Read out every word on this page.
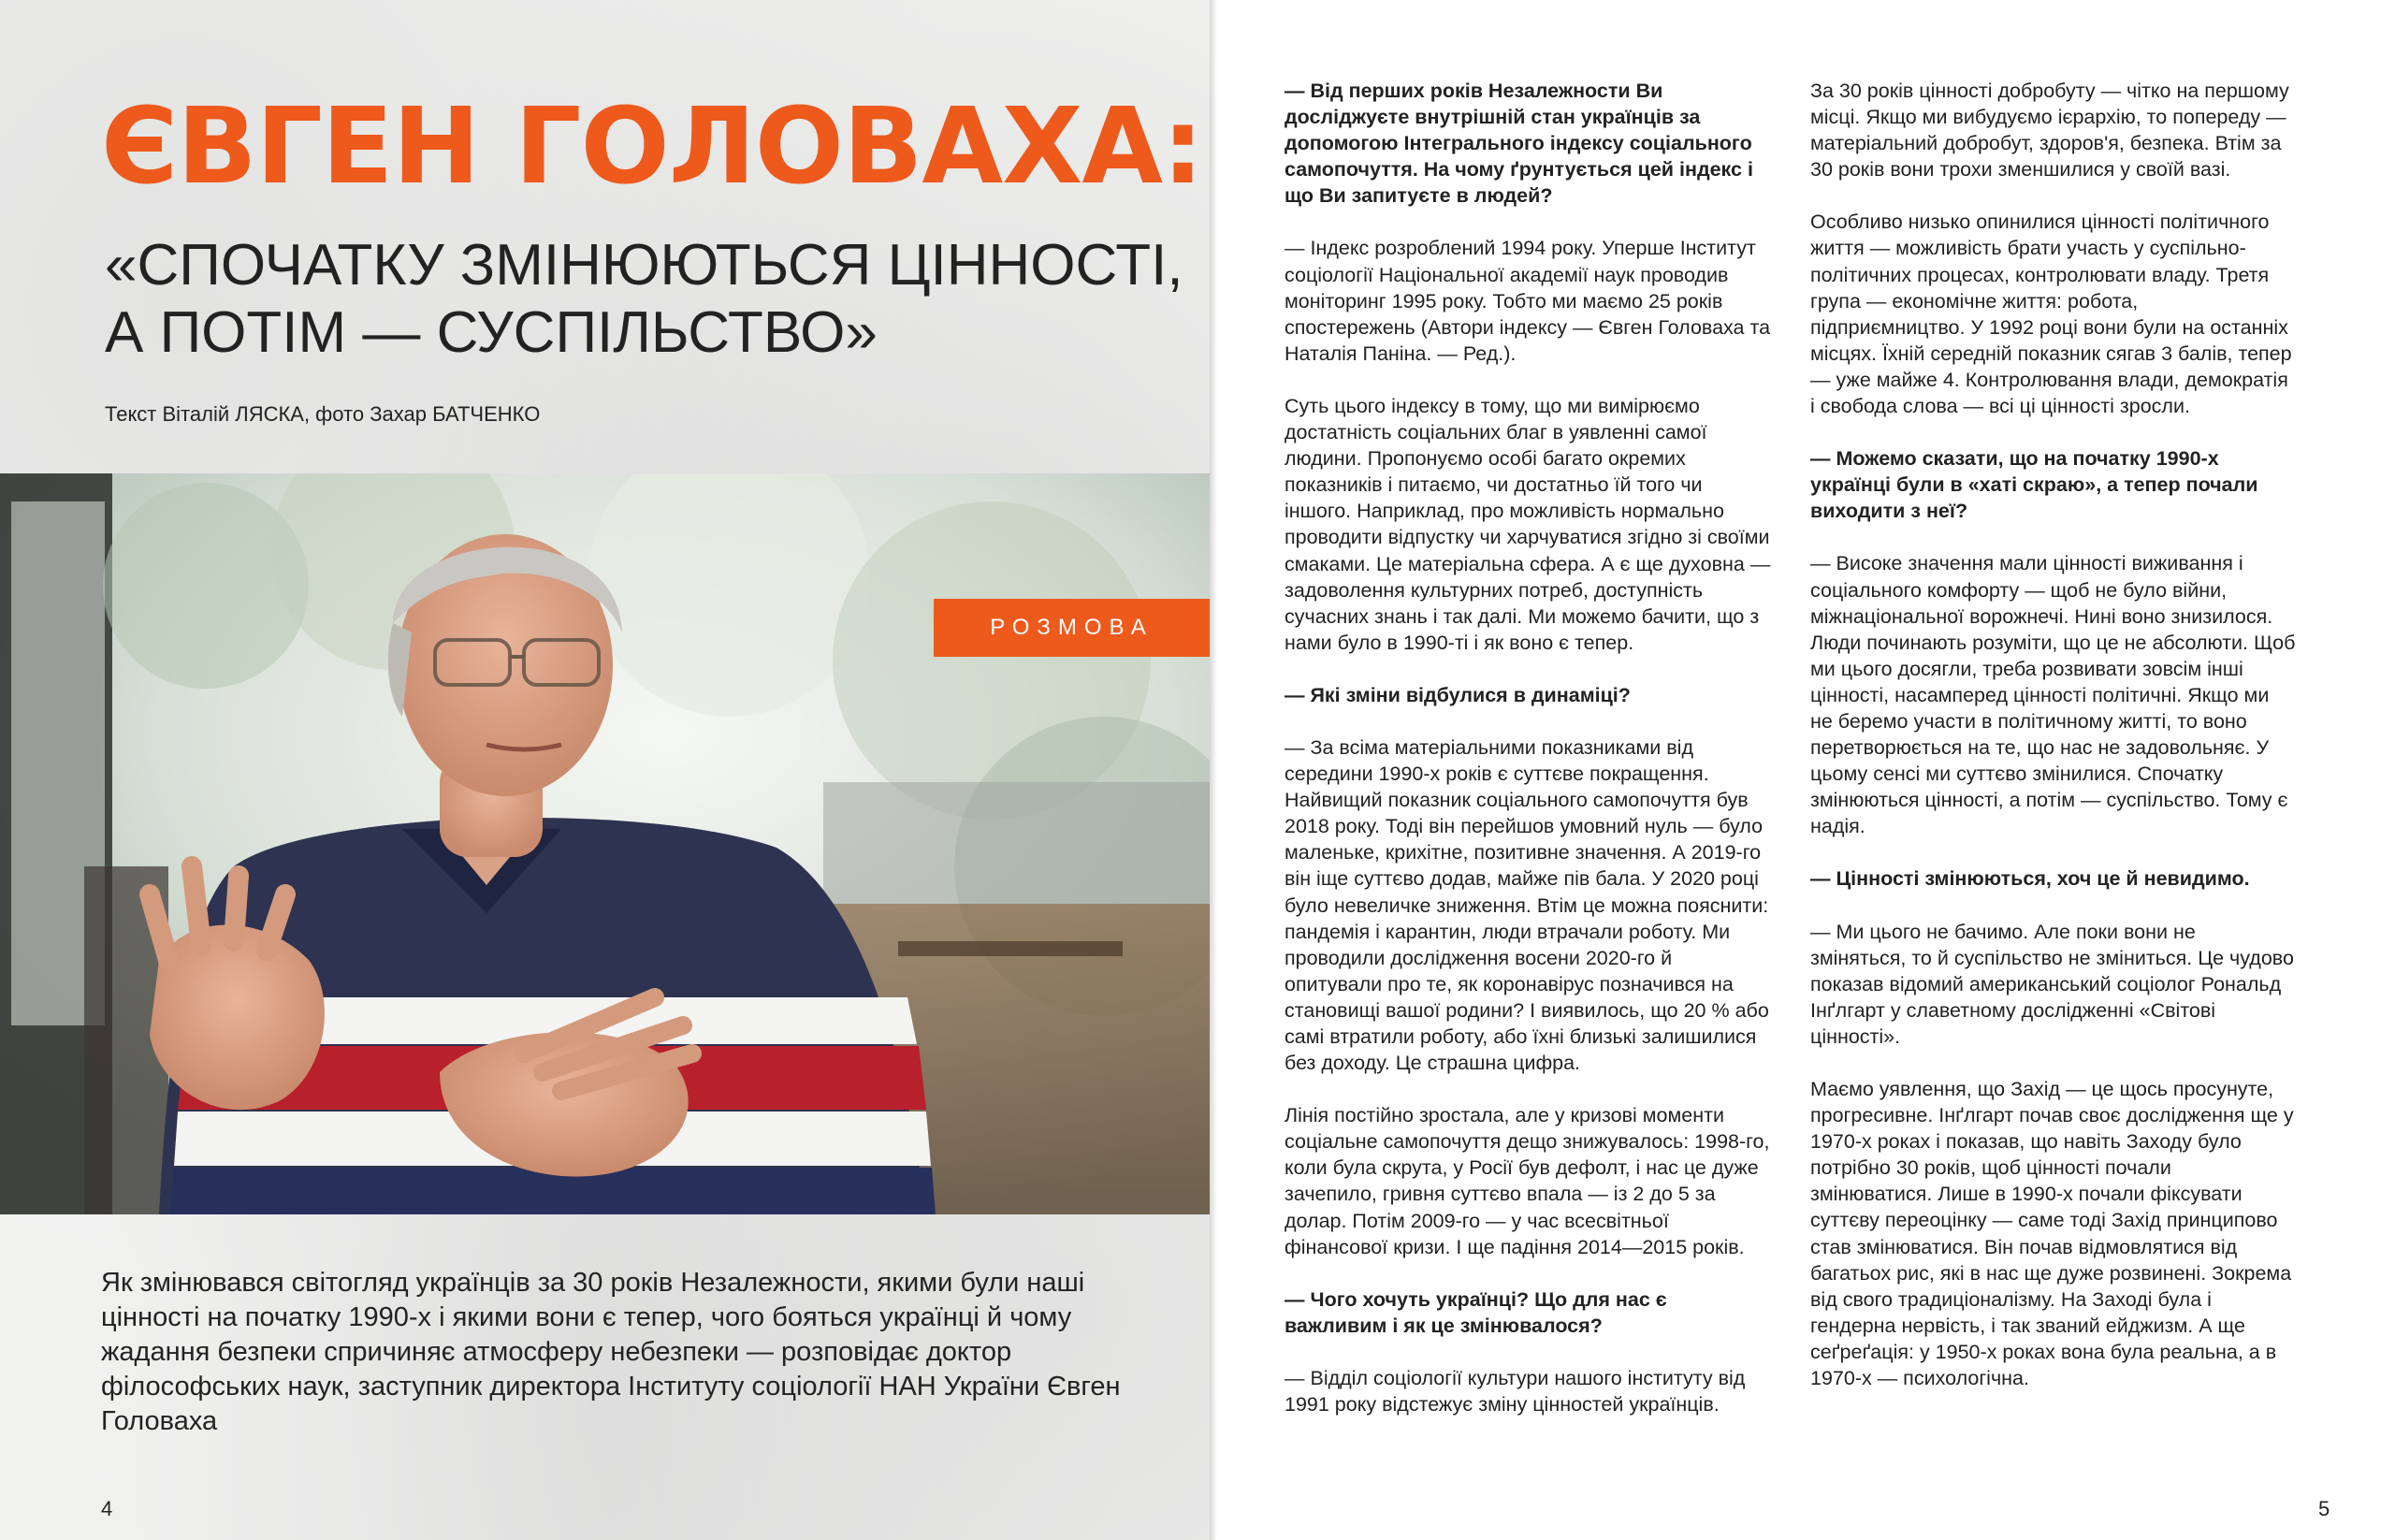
ЄВГЕН ГОЛОВАХА:
«СПОЧАТКУ ЗМІНЮЮТЬСЯ ЦІННОСТІ,
А ПОТІМ — СУСПІЛЬСТВО»
Текст Віталій ЛЯСКА, фото Захар БАТЧЕНКО
РОЗМОВА
Як змінювався світогляд українців за 30 років Незалежности, якими були наші цінності на початку 1990-х і якими вони є тепер, чого бояться українці й чому жадання безпеки спричиняє атмосферу небезпеки — розповідає доктор філософських наук, заступник директора Інституту соціології НАН України Євген Головаха
4

— Від перших років Незалежности Ви досліджуєте внутрішній стан українців за допомогою Інтегрального індексу соціального самопочуття. На чому ґрунтується цей індекс і що Ви запитуєте в людей?

— Індекс розроблений 1994 року. Уперше Інститут соціології Національної академії наук проводив моніторинг 1995 року. Тобто ми маємо 25 років спостережень (Автори індексу — Євген Головаха та Наталія Паніна. — Ред.).

Суть цього індексу в тому, що ми вимірюємо достатність соціальних благ в уявленні самої людини. Пропонуємо особі багато окремих показників і питаємо, чи достатньо їй того чи іншого. Наприклад, про можливість нормально проводити відпустку чи харчуватися згідно зі своїми смаками. Це матеріальна сфера. А є ще духовна — задоволення культурних потреб, доступність сучасних знань і так далі. Ми можемо бачити, що з нами було в 1990-ті і як воно є тепер.

— Які зміни відбулися в динаміці?

— За всіма матеріальними показниками від середини 1990-х років є суттєве покращення. Найвищий показник соціального самопочуття був 2018 року. Тоді він перейшов умовний нуль — було маленьке, крихітне, позитивне значення. А 2019-го він іще суттєво додав, майже пів бала. У 2020 році було невеличке зниження. Втім це можна пояснити: пандемія і карантин, люди втрачали роботу. Ми проводили дослідження восени 2020-го й опитували про те, як коронавірус позначився на становищі вашої родини? І виявилось, що 20 % або самі втратили роботу, або їхні близькі залишилися без доходу. Це страшна цифра.

Лінія постійно зростала, але у кризові моменти соціальне самопочуття дещо знижувалось: 1998-го, коли була скрута, у Росії був дефолт, і нас це дуже зачепило, гривня суттєво впала — із 2 до 5 за долар. Потім 2009-го — у час всесвітньої фінансової кризи. І ще падіння 2014—2015 років.

— Чого хочуть українці? Що для нас є важливим і як це змінювалося?

— Відділ соціології культури нашого інституту від 1991 року відстежує зміну цінностей українців.

За 30 років цінності добробуту — чітко на першому місці. Якщо ми вибудуємо ієрархію, то попереду — матеріальний добробут, здоров'я, безпека. Втім за 30 років вони трохи зменшилися у своїй вазі.

Особливо низько опинилися цінності політичного життя — можливість брати участь у суспільно-політичних процесах, контролювати владу. Третя група — економічне життя: робота, підприємництво. У 1992 році вони були на останніх місцях. Їхній середній показник сягав 3 балів, тепер — уже майже 4. Контролювання влади, демократія і свобода слова — всі ці цінності зросли.

— Можемо сказати, що на початку 1990-х українці були в «хаті скраю», а тепер почали виходити з неї?

— Високе значення мали цінності виживання і соціального комфорту — щоб не було війни, міжнаціональної ворожнечі. Нині воно знизилося. Люди починають розуміти, що це не абсолюти. Щоб ми цього досягли, треба розвивати зовсім інші цінності, насамперед цінності політичні. Якщо ми не беремо участи в політичному житті, то воно перетворюється на те, що нас не задовольняє. У цьому сенсі ми суттєво змінилися. Спочатку змінюються цінності, а потім — суспільство. Тому є надія.

— Цінності змінюються, хоч це й невидимо.

— Ми цього не бачимо. Але поки вони не зміняться, то й суспільство не зміниться. Це чудово показав відомий американський соціолог Рональд Інґлгарт у славетному дослідженні «Світові цінності».

Маємо уявлення, що Захід — це щось просунуте, прогресивне. Інґлгарт почав своє дослідження ще у 1970-х роках і показав, що навіть Заходу було потрібно 30 років, щоб цінності почали змінюватися. Лише в 1990-х почали фіксувати суттєву переоцінку — саме тоді Захід принципово став змінюватися. Він почав відмовлятися від багатьох рис, які в нас ще дуже розвинені. Зокрема від свого традиціоналізму. На Заході була і гендерна нервість, і так званий ейджизм. А ще сеґреґація: у 1950-х роках вона була реальна, а в 1970-х — психологічна.

5
